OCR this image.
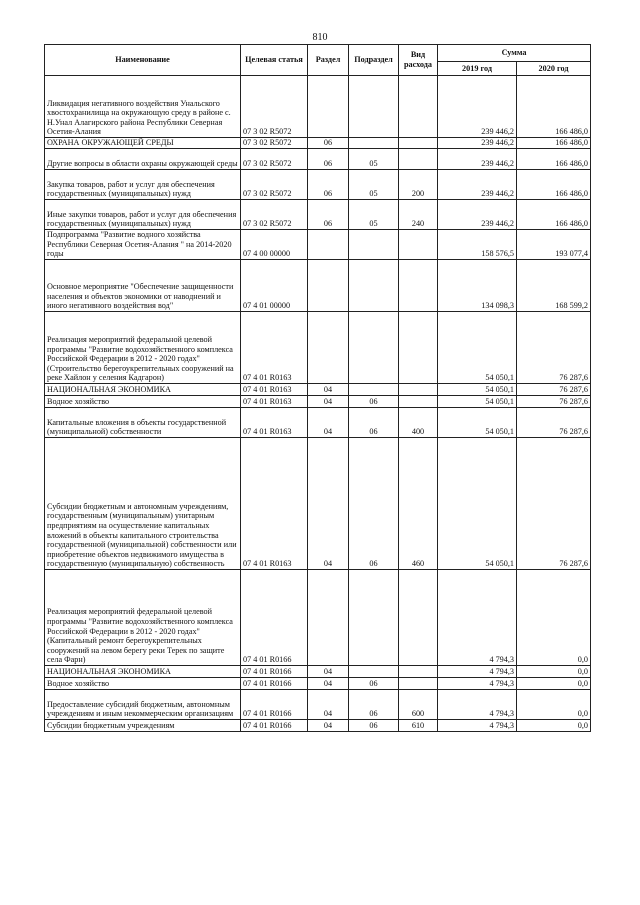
810
Наименование	Целевая статья	Раздел	Подраздел	Вид расхода	Сумма	
					2019 год	2020 год
Ликвидация негативного воздействия Унальского хвостохранилища на окружающую среду в районе с. Н.Унал Алагирского района Республики Северная Осетия-Алания	07 3 02 R5072				239 446,2	166 486,0
ОХРАНА ОКРУЖАЮЩЕЙ СРЕДЫ	07 3 02 R5072	06			239 446,2	166 486,0
Другие вопросы в области охраны окружающей среды	07 3 02 R5072	06	05		239 446,2	166 486,0
Закупка товаров, работ и услуг для обеспечения государственных (муниципальных) нужд	07 3 02 R5072	06	05	200	239 446,2	166 486,0
Иные закупки товаров, работ и услуг для обеспечения государственных (муниципальных) нужд	07 3 02 R5072	06	05	240	239 446,2	166 486,0
Подпрограмма "Развитие водного хозяйства Республики Северная Осетия-Алания " на 2014-2020 годы	07 4 00 00000				158 576,5	193 077,4
Основное мероприятие "Обеспечение защищенности населения и объектов экономики от наводнений и иного негативного воздействия вод"	07 4 01 00000				134 098,3	168 599,2
Реализация мероприятий федеральной целевой программы "Развитие водохозяйственного комплекса Российской Федерации в 2012 - 2020 годах" (Строительство берегоукрепительных сооружений на реке Хайлон у селения Кадгарон)	07 4 01 R0163				54 050,1	76 287,6
НАЦИОНАЛЬНАЯ ЭКОНОМИКА	07 4 01 R0163	04			54 050,1	76 287,6
Водное хозяйство	07 4 01 R0163	04	06		54 050,1	76 287,6
Капитальные вложения в объекты государственной (муниципальной) собственности	07 4 01 R0163	04	06	400	54 050,1	76 287,6
Субсидии бюджетным и автономным учреждениям, государственным (муниципальным) унитарным предприятиям на осуществление капитальных вложений в объекты капитального строительства государственной (муниципальной) собственности или приобретение объектов недвижимого имущества в государственную (муниципальную) собственность	07 4 01 R0163	04	06	460	54 050,1	76 287,6
Реализация мероприятий федеральной целевой программы "Развитие водохозяйственного комплекса Российской Федерации в 2012 - 2020 годах" (Капитальный ремонт берегоукрепительных сооружений на левом берегу реки Терек по защите села Фарн)	07 4 01 R0166				4 794,3	0,0
НАЦИОНАЛЬНАЯ ЭКОНОМИКА	07 4 01 R0166	04			4 794,3	0,0
Водное хозяйство	07 4 01 R0166	04	06		4 794,3	0,0
Предоставление субсидий бюджетным, автономным учреждениям и иным некоммерческим организациям	07 4 01 R0166	04	06	600	4 794,3	0,0
Субсидии бюджетным учреждениям	07 4 01 R0166	04	06	610	4 794,3	0,0
